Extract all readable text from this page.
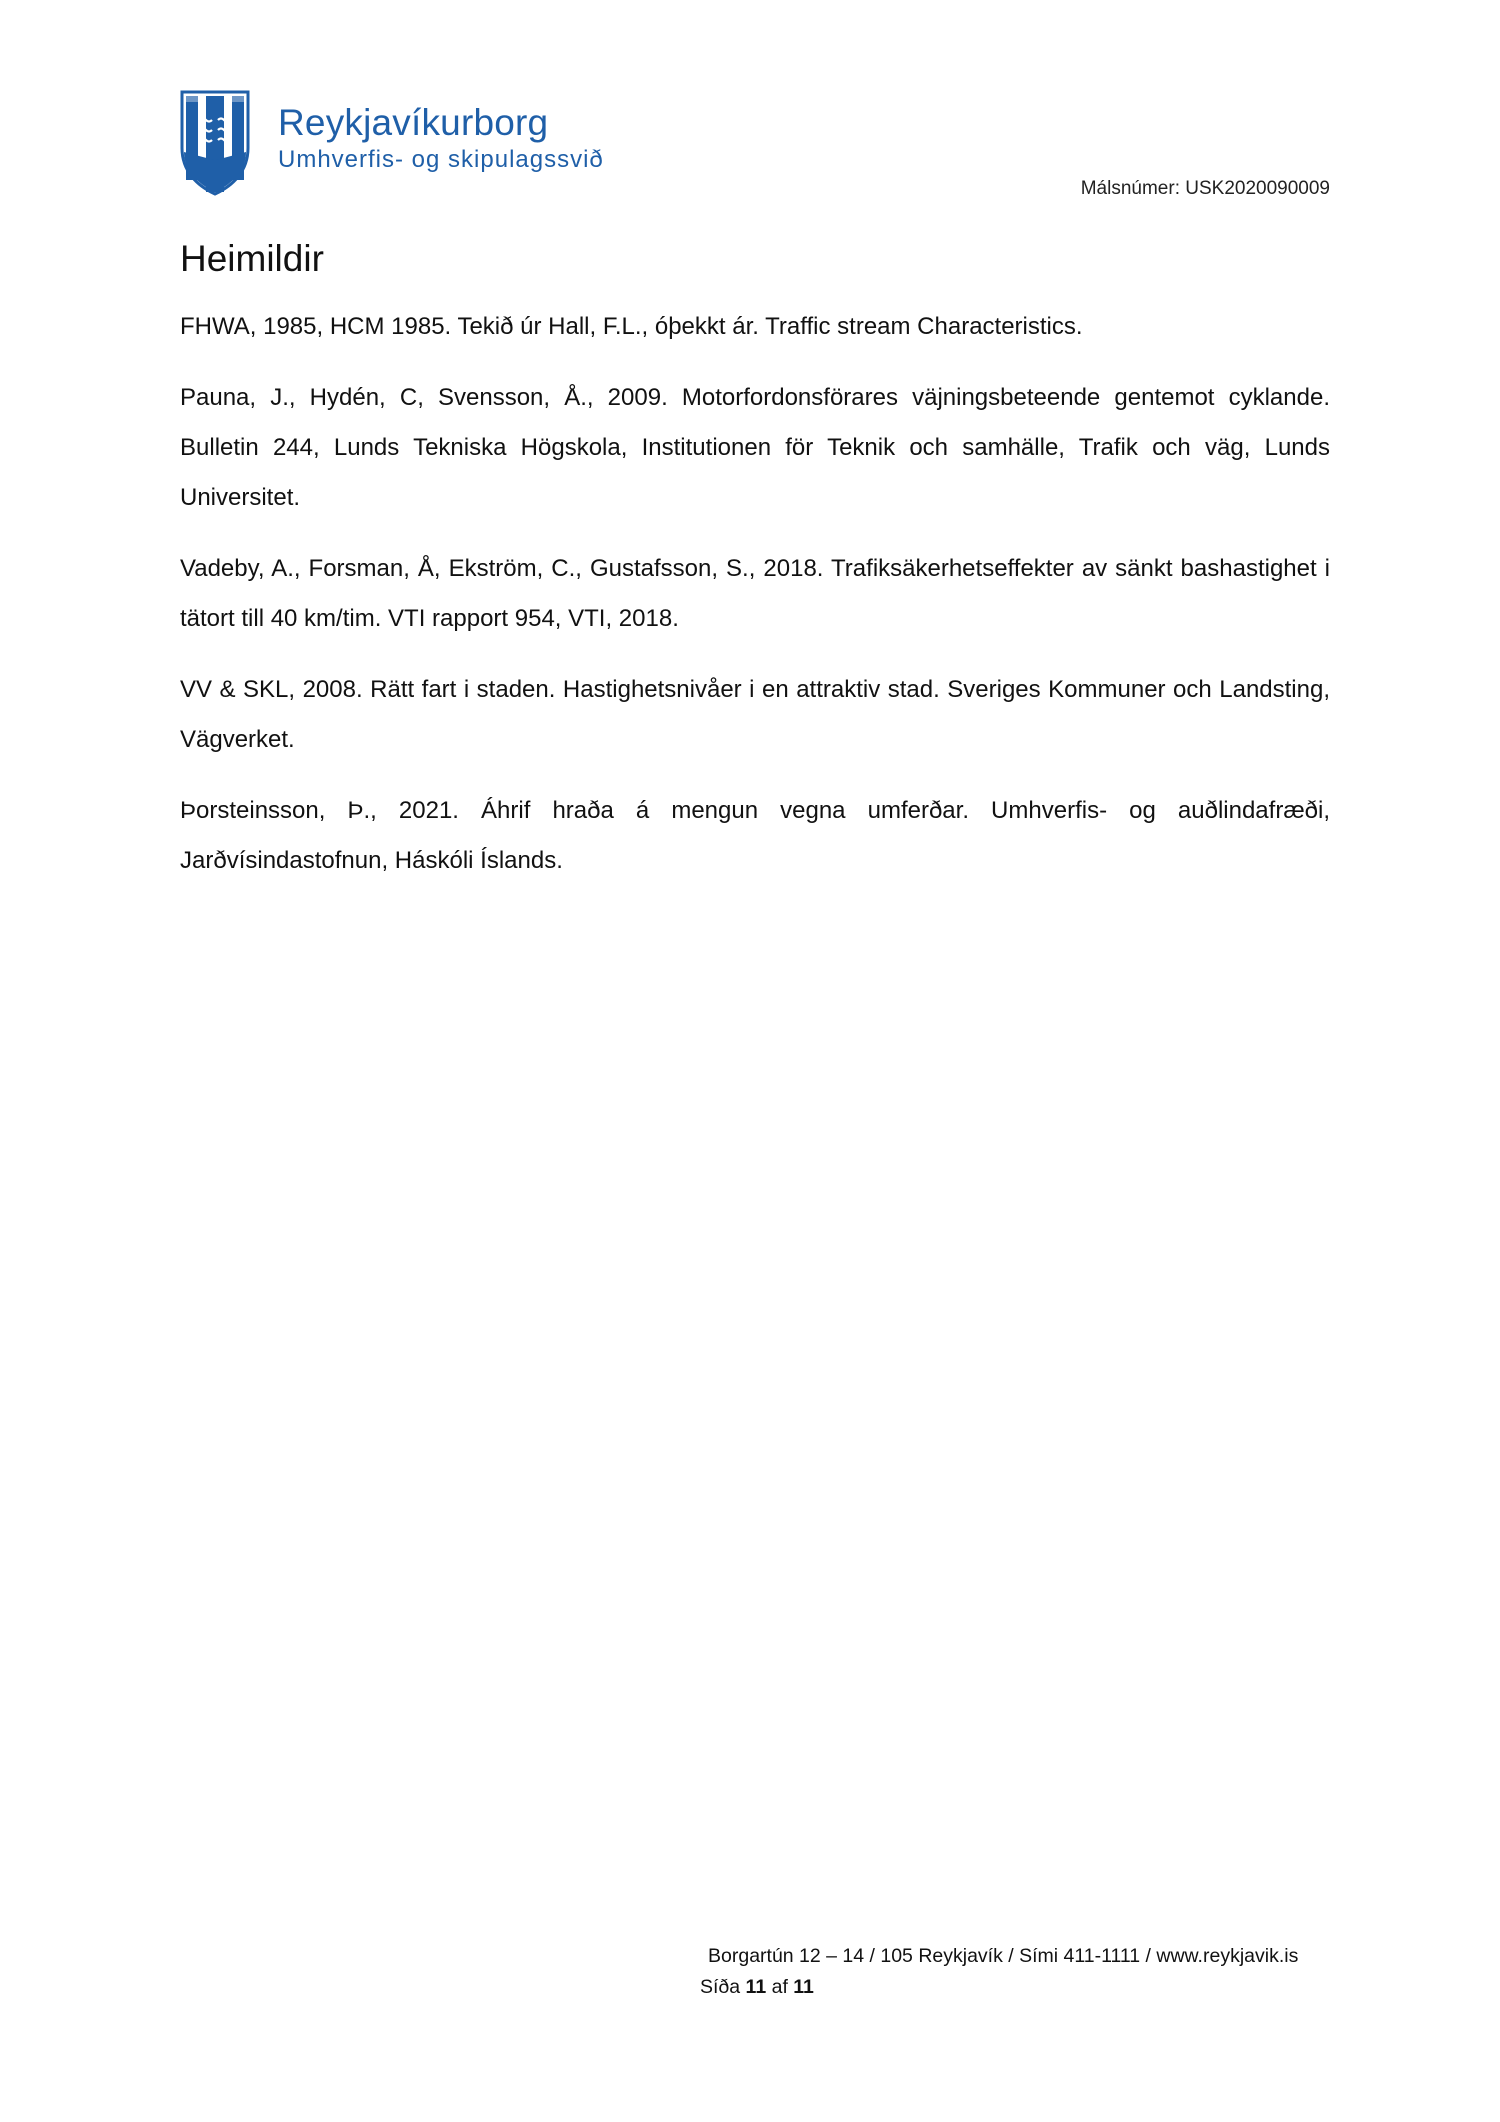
Reykjavíkurborg
Umhverfis- og skipulagssvið
Málsnúmer: USK2020090009
Heimildir

FHWA, 1985, HCM 1985. Tekið úr Hall, F.L., óþekkt ár. Traffic stream Characteristics.

Pauna, J., Hydén, C, Svensson, Å., 2009. Motorfordonsförares väjningsbeteende gentemot cyklande. Bulletin 244, Lunds Tekniska Högskola, Institutionen för Teknik och samhälle, Trafik och väg, Lunds Universitet.

Vadeby, A., Forsman, Å, Ekström, C., Gustafsson, S., 2018. Trafiksäkerhetseffekter av sänkt bashastighet i tätort till 40 km/tim. VTI rapport 954, VTI, 2018.

VV & SKL, 2008. Rätt fart i staden. Hastighetsnivåer i en attraktiv stad. Sveriges Kommuner och Landsting, Vägverket.

Þorsteinsson, Þ., 2021. Áhrif hraða á mengun vegna umferðar. Umhverfis- og auðlindafræði, Jarðvísindastofnun, Háskóli Íslands.

Borgartún 12 – 14 / 105 Reykjavík / Sími 411-1111 / www.reykjavik.is
Síða 11 af 11
